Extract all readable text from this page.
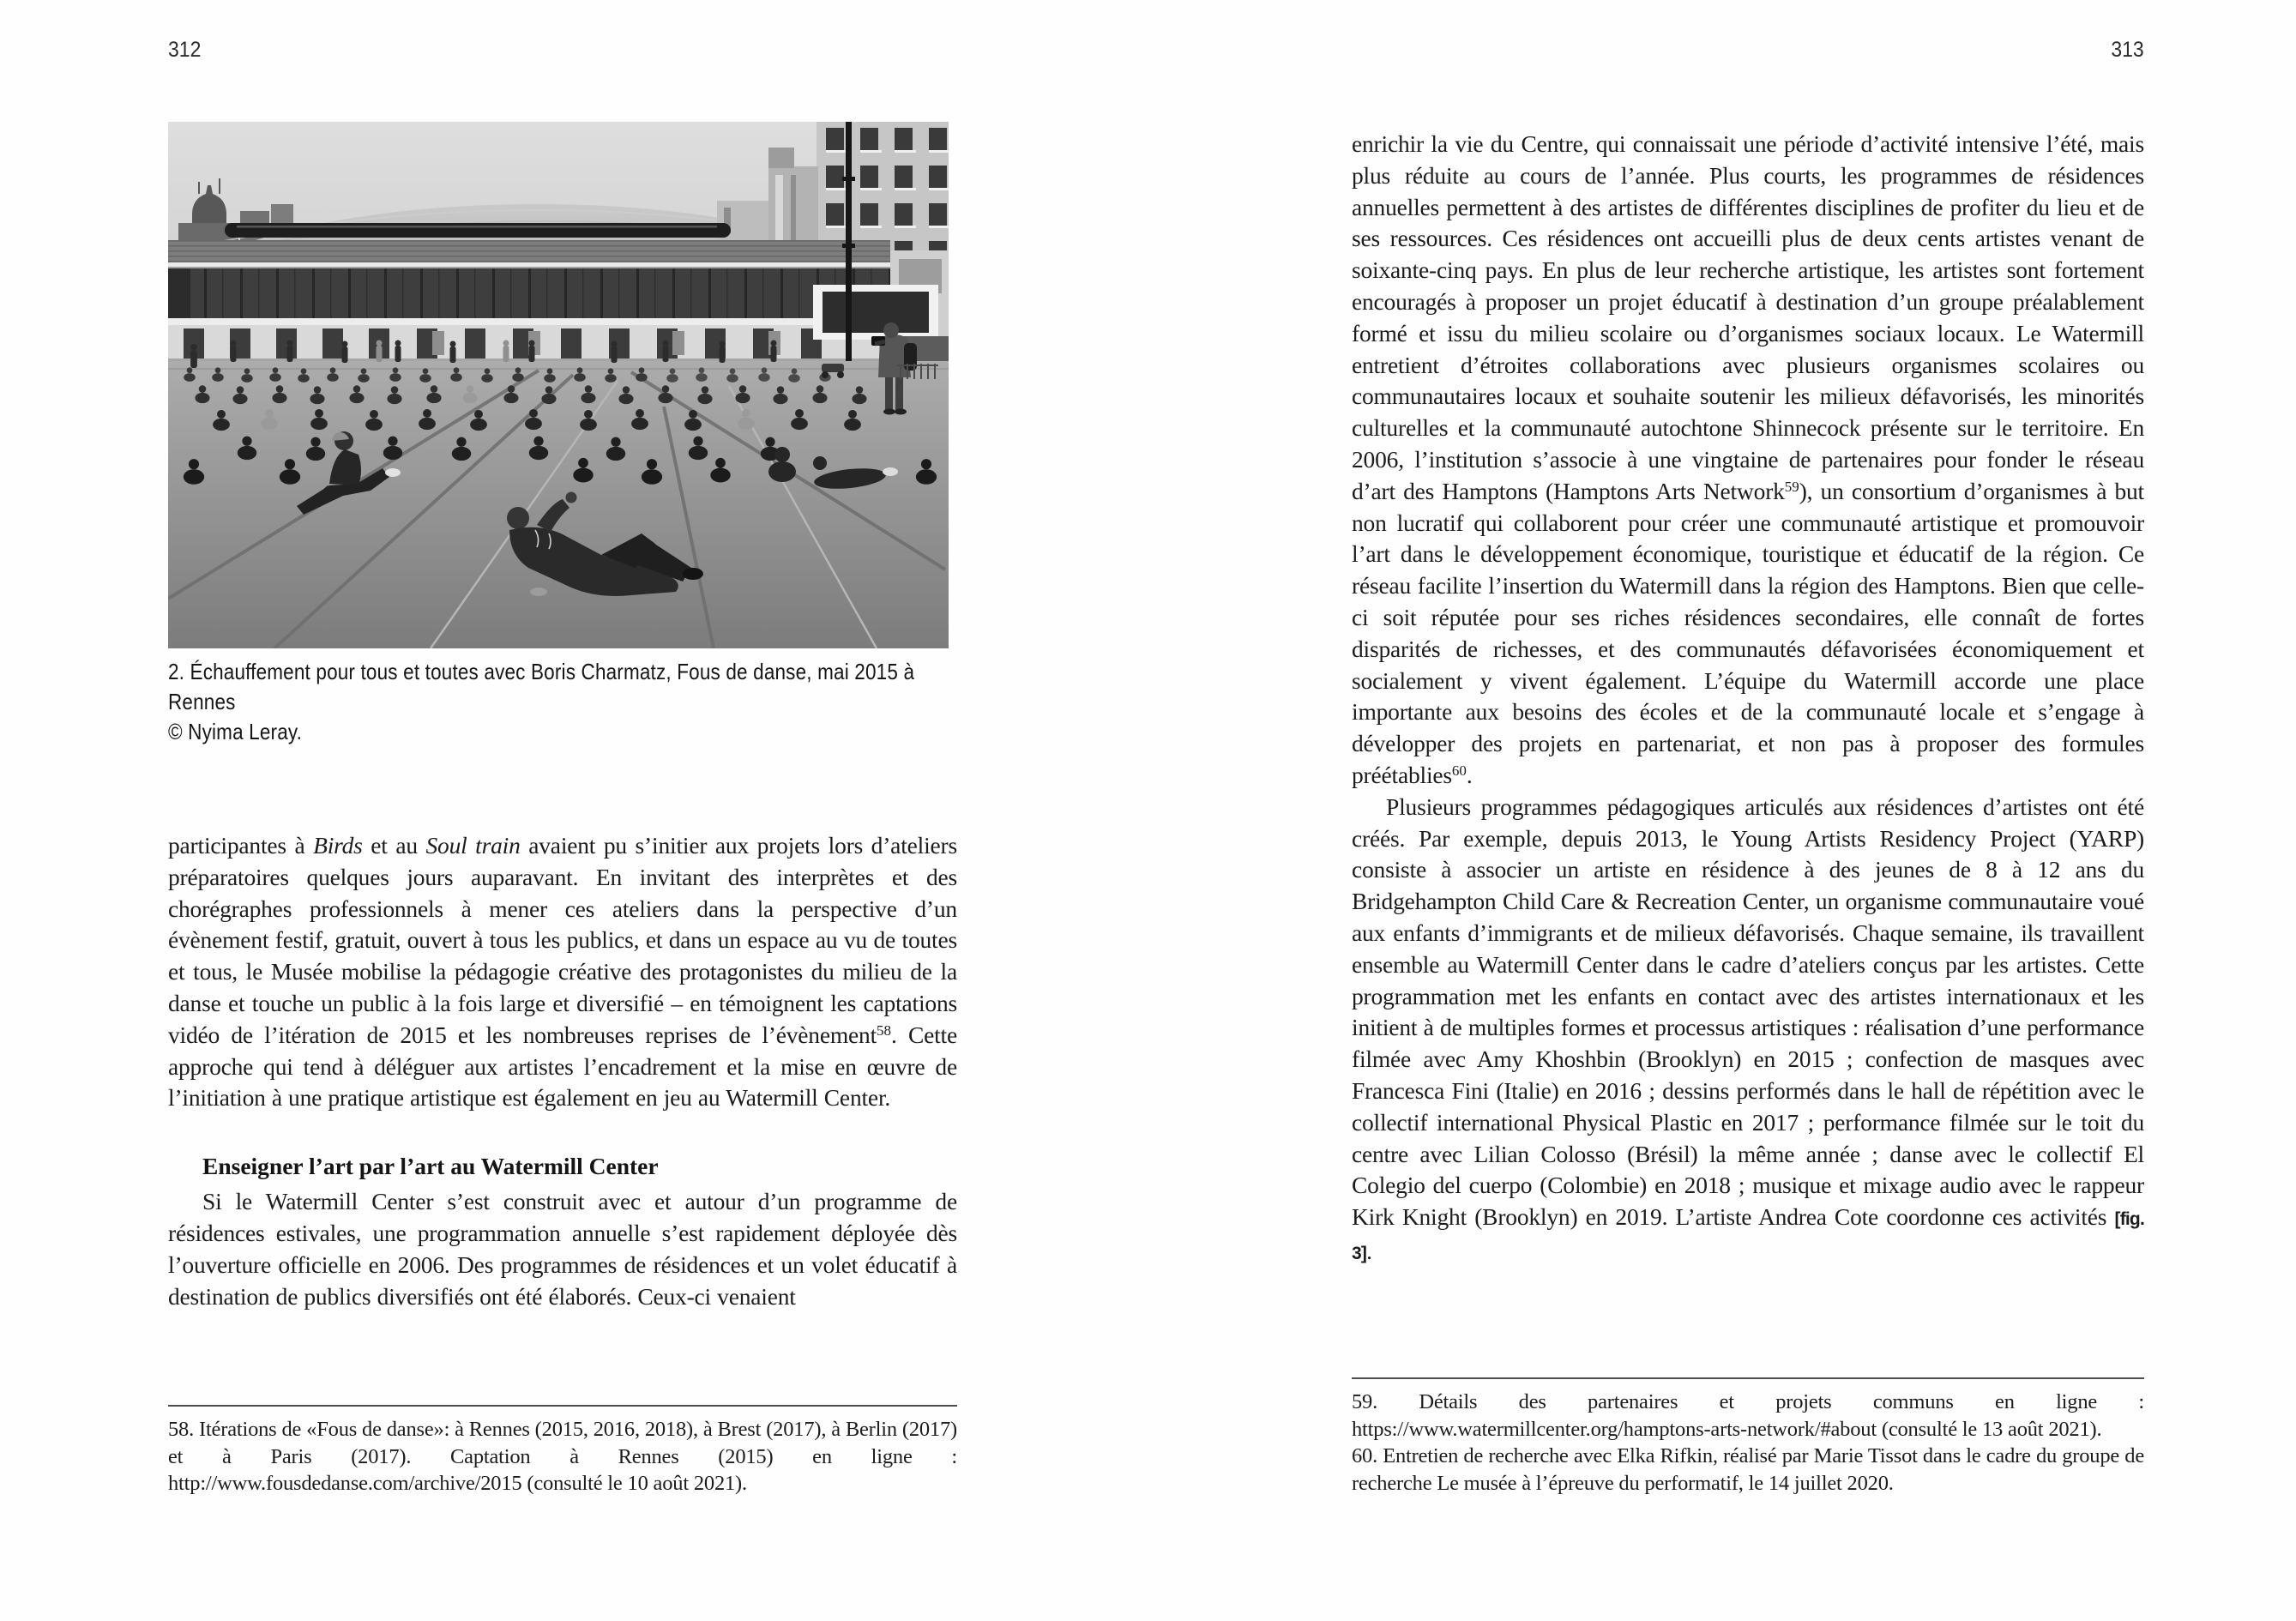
312	313
2. Échauffement pour tous et toutes avec Boris Charmatz, Fous de danse, mai 2015 à Rennes
© Nyima Leray.

participantes à Birds et au Soul train avaient pu s’initier aux projets lors d’ateliers préparatoires quelques jours auparavant. En invitant des interprètes et des chorégraphes professionnels à mener ces ateliers dans la perspective d’un évènement festif, gratuit, ouvert à tous les publics, et dans un espace au vu de toutes et tous, le Musée mobilise la pédagogie créative des protagonistes du milieu de la danse et touche un public à la fois large et diversifié – en témoignent les captations vidéo de l’itération de 2015 et les nombreuses reprises de l’évènement$^{58}$. Cette approche qui tend à déléguer aux artistes l’encadrement et la mise en œuvre de l’initiation à une pratique artistique est également en jeu au Watermill Center.

Enseigner l’art par l’art au Watermill Center

Si le Watermill Center s’est construit avec et autour d’un programme de résidences estivales, une programmation annuelle s’est rapidement déployée dès l’ouverture officielle en 2006. Des programmes de résidences et un volet éducatif à destination de publics diversifiés ont été élaborés. Ceux-ci venaient

58. Itérations de «Fous de danse»: à Rennes (2015, 2016, 2018), à Brest (2017), à Berlin (2017) et à Paris (2017). Captation à Rennes (2015) en ligne : http://www.fousdedanse.com/archive/2015 (consulté le 10 août 2021).

enrichir la vie du Centre, qui connaissait une période d’activité intensive l’été, mais plus réduite au cours de l’année. Plus courts, les programmes de résidences annuelles permettent à des artistes de différentes disciplines de profiter du lieu et de ses ressources. Ces résidences ont accueilli plus de deux cents artistes venant de soixante-cinq pays. En plus de leur recherche artistique, les artistes sont fortement encouragés à proposer un projet éducatif à destination d’un groupe préalablement formé et issu du milieu scolaire ou d’organismes sociaux locaux. Le Watermill entretient d’étroites collaborations avec plusieurs organismes scolaires ou communautaires locaux et souhaite soutenir les milieux défavorisés, les minorités culturelles et la communauté autochtone Shinnecock présente sur le territoire. En 2006, l’institution s’associe à une vingtaine de partenaires pour fonder le réseau d’art des Hamptons (Hamptons Arts Network$^{59}$), un consortium d’organismes à but non lucratif qui collaborent pour créer une communauté artistique et promouvoir l’art dans le développement économique, touristique et éducatif de la région. Ce réseau facilite l’insertion du Watermill dans la région des Hamptons. Bien que celle-ci soit réputée pour ses riches résidences secondaires, elle connaît de fortes disparités de richesses, et des communautés défavorisées économiquement et socialement y vivent également. L’équipe du Watermill accorde une place importante aux besoins des écoles et de la communauté locale et s’engage à développer des projets en partenariat, et non pas à proposer des formules préétablies$^{60}$.

Plusieurs programmes pédagogiques articulés aux résidences d’artistes ont été créés. Par exemple, depuis 2013, le Young Artists Residency Project (YARP) consiste à associer un artiste en résidence à des jeunes de 8 à 12 ans du Bridgehampton Child Care & Recreation Center, un organisme communautaire voué aux enfants d’immigrants et de milieux défavorisés. Chaque semaine, ils travaillent ensemble au Watermill Center dans le cadre d’ateliers conçus par les artistes. Cette programmation met les enfants en contact avec des artistes internationaux et les initient à de multiples formes et processus artistiques : réalisation d’une performance filmée avec Amy Khoshbin (Brooklyn) en 2015 ; confection de masques avec Francesca Fini (Italie) en 2016 ; dessins performés dans le hall de répétition avec le collectif international Physical Plastic en 2017 ; performance filmée sur le toit du centre avec Lilian Colosso (Brésil) la même année ; danse avec le collectif El Colegio del cuerpo (Colombie) en 2018 ; musique et mixage audio avec le rappeur Kirk Knight (Brooklyn) en 2019. L’artiste Andrea Cote coordonne ces activités [fig. 3].

59. Détails des partenaires et projets communs en ligne : https://www.watermillcenter.org/hamptons-arts-network/#about (consulté le 13 août 2021).

60. Entretien de recherche avec Elka Rifkin, réalisé par Marie Tissot dans le cadre du groupe de recherche Le musée à l’épreuve du performatif, le 14 juillet 2020.
